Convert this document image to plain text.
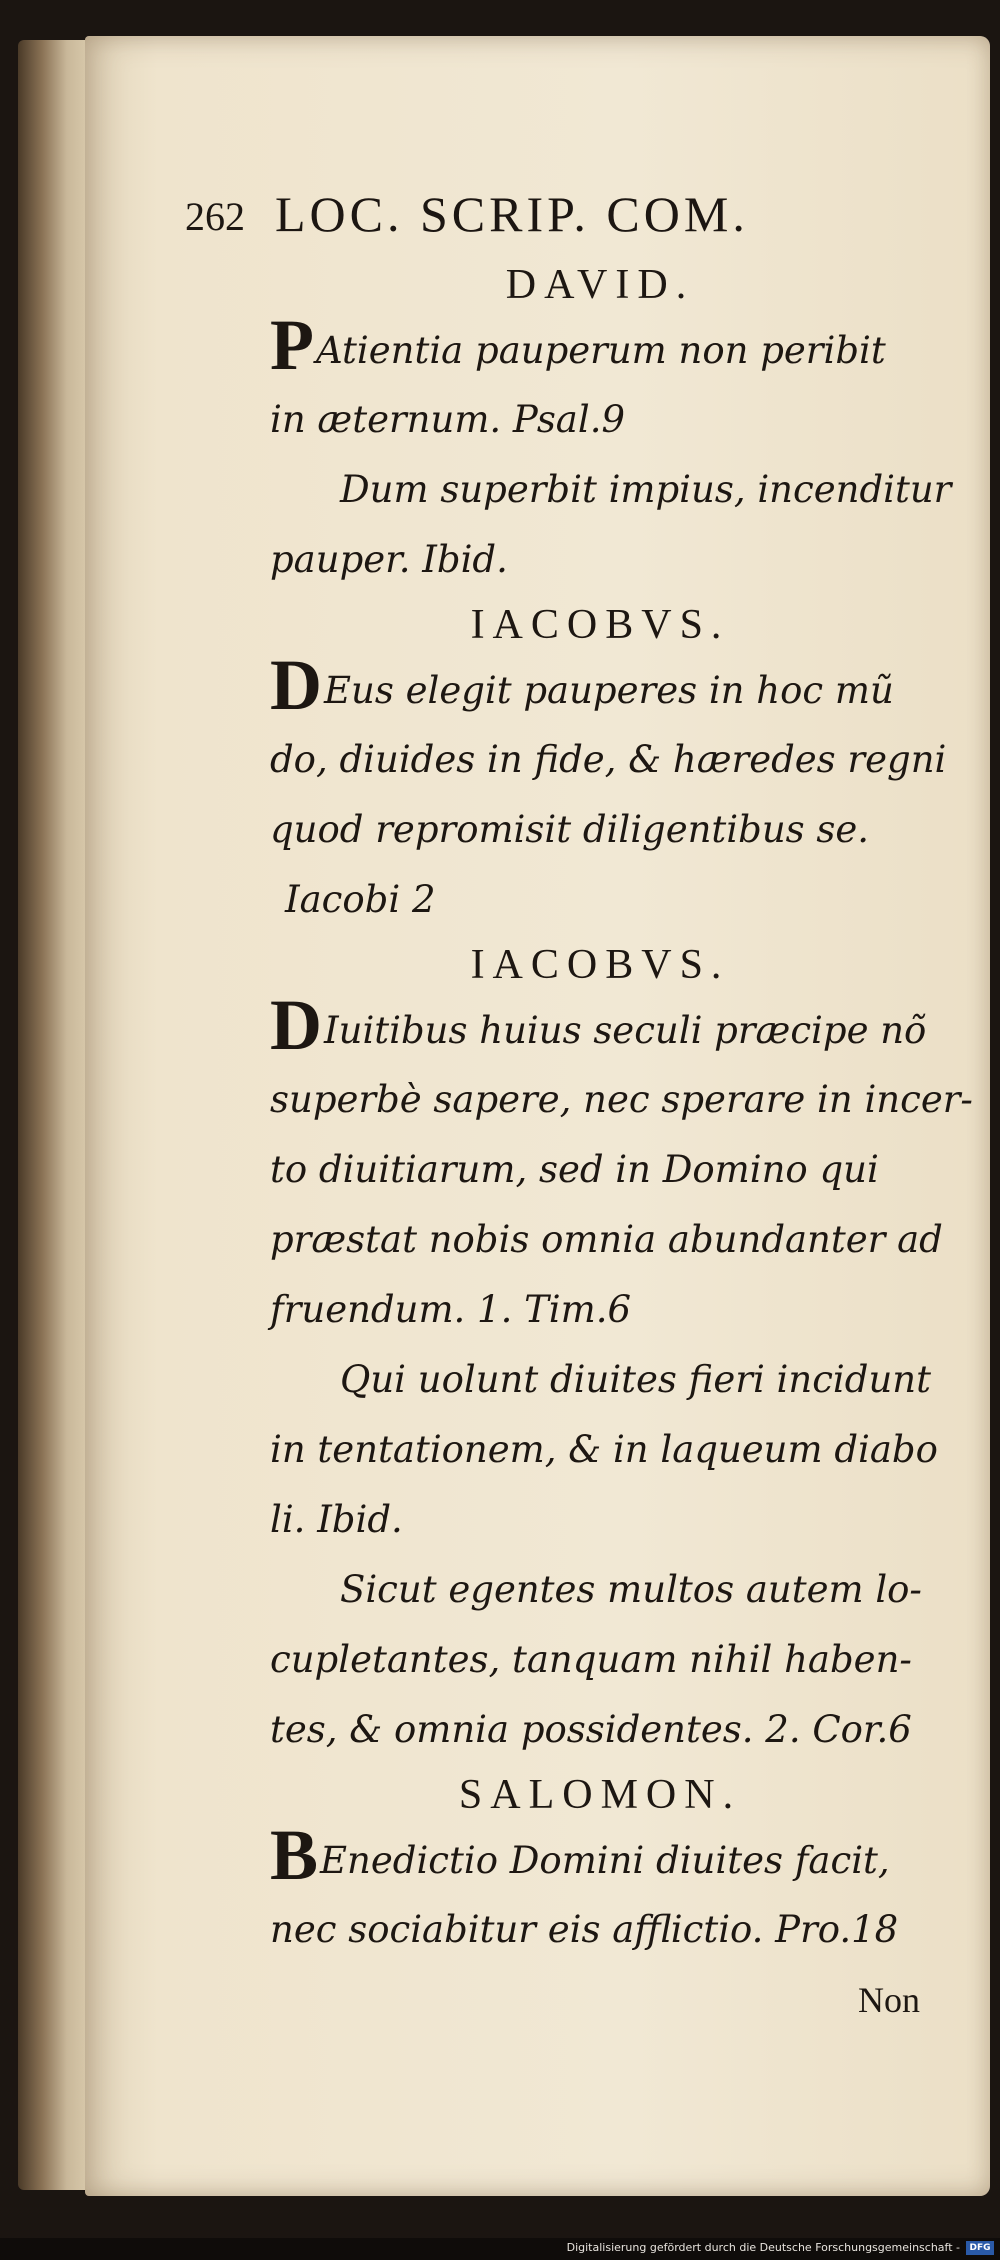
262 LOC. SCRIP. COM.
DAVID.
PAtientia pauperum non peribit
in æternum. Psal.9
Dum superbit impius, incenditur
pauper. Ibid.
IACOBVS.
DEus elegit pauperes in hoc mũ
do, diuides in fide, & hæredes regni
quod repromisit diligentibus se.
Iacobi 2
IACOBVS.
DIuitibus huius seculi præcipe nõ
superbè sapere, nec sperare in incer-
to diuitiarum, sed in Domino qui
præstat nobis omnia abundanter ad
fruendum. 1. Tim.6
Qui uolunt diuites fieri incidunt
in tentationem, & in laqueum diabo
li. Ibid.
Sicut egentes multos autem lo-
cupletantes, tanquam nihil haben-
tes, & omnia possidentes. 2. Cor.6
SALOMON.
BEnedictio Domini diuites facit,
nec sociabitur eis afflictio. Pro.18
Non
Digitalisierung gefördert durch die Deutsche Forschungsgemeinschaft -	DFG
